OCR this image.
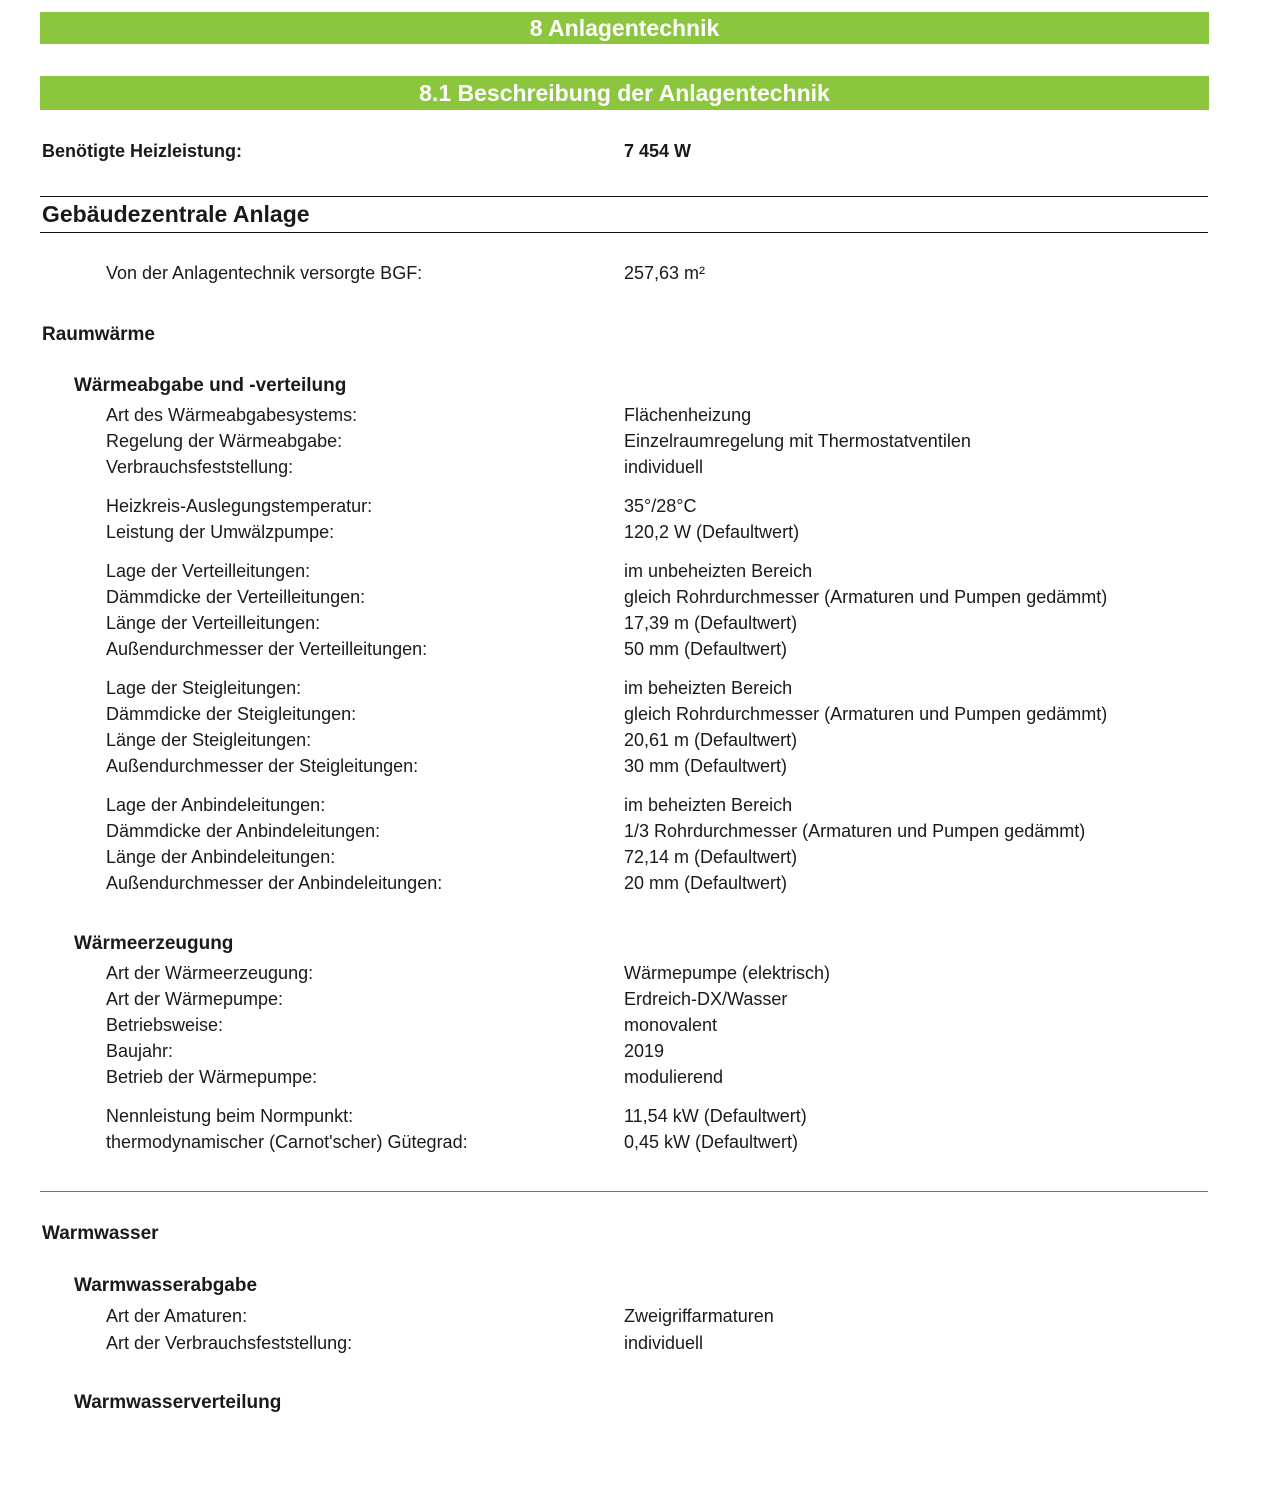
8 Anlagentechnik
8.1 Beschreibung der Anlagentechnik
Benötigte Heizleistung:	7 454 W
Gebäudezentrale Anlage
Von der Anlagentechnik versorgte BGF:	257,63 m²
Raumwärme
Wärmeabgabe und -verteilung
Art des Wärmeabgabesystems:	Flächenheizung
Regelung der Wärmeabgabe:	Einzelraumregelung mit Thermostatventilen
Verbrauchsfeststellung:	individuell
Heizkreis-Auslegungstemperatur:	35°/28°C
Leistung der Umwälzpumpe:	120,2 W (Defaultwert)
Lage der Verteilleitungen:	im unbeheizten Bereich
Dämmdicke der Verteilleitungen:	gleich Rohrdurchmesser (Armaturen und Pumpen gedämmt)
Länge der Verteilleitungen:	17,39 m (Defaultwert)
Außendurchmesser der Verteilleitungen:	50 mm (Defaultwert)
Lage der Steigleitungen:	im beheizten Bereich
Dämmdicke der Steigleitungen:	gleich Rohrdurchmesser (Armaturen und Pumpen gedämmt)
Länge der Steigleitungen:	20,61 m (Defaultwert)
Außendurchmesser der Steigleitungen:	30 mm (Defaultwert)
Lage der Anbindeleitungen:	im beheizten Bereich
Dämmdicke der Anbindeleitungen:	1/3 Rohrdurchmesser (Armaturen und Pumpen gedämmt)
Länge der Anbindeleitungen:	72,14 m (Defaultwert)
Außendurchmesser der Anbindeleitungen:	20 mm (Defaultwert)
Wärmeerzeugung
Art der Wärmeerzeugung:	Wärmepumpe (elektrisch)
Art der Wärmepumpe:	Erdreich-DX/Wasser
Betriebsweise:	monovalent
Baujahr:	2019
Betrieb der Wärmepumpe:	modulierend
Nennleistung beim Normpunkt:	11,54 kW (Defaultwert)
thermodynamischer (Carnot'scher) Gütegrad:	0,45 kW (Defaultwert)
Warmwasser
Warmwasserabgabe
Art der Amaturen:	Zweigriffarmaturen
Art der Verbrauchsfeststellung:	individuell
Warmwasserverteilung
